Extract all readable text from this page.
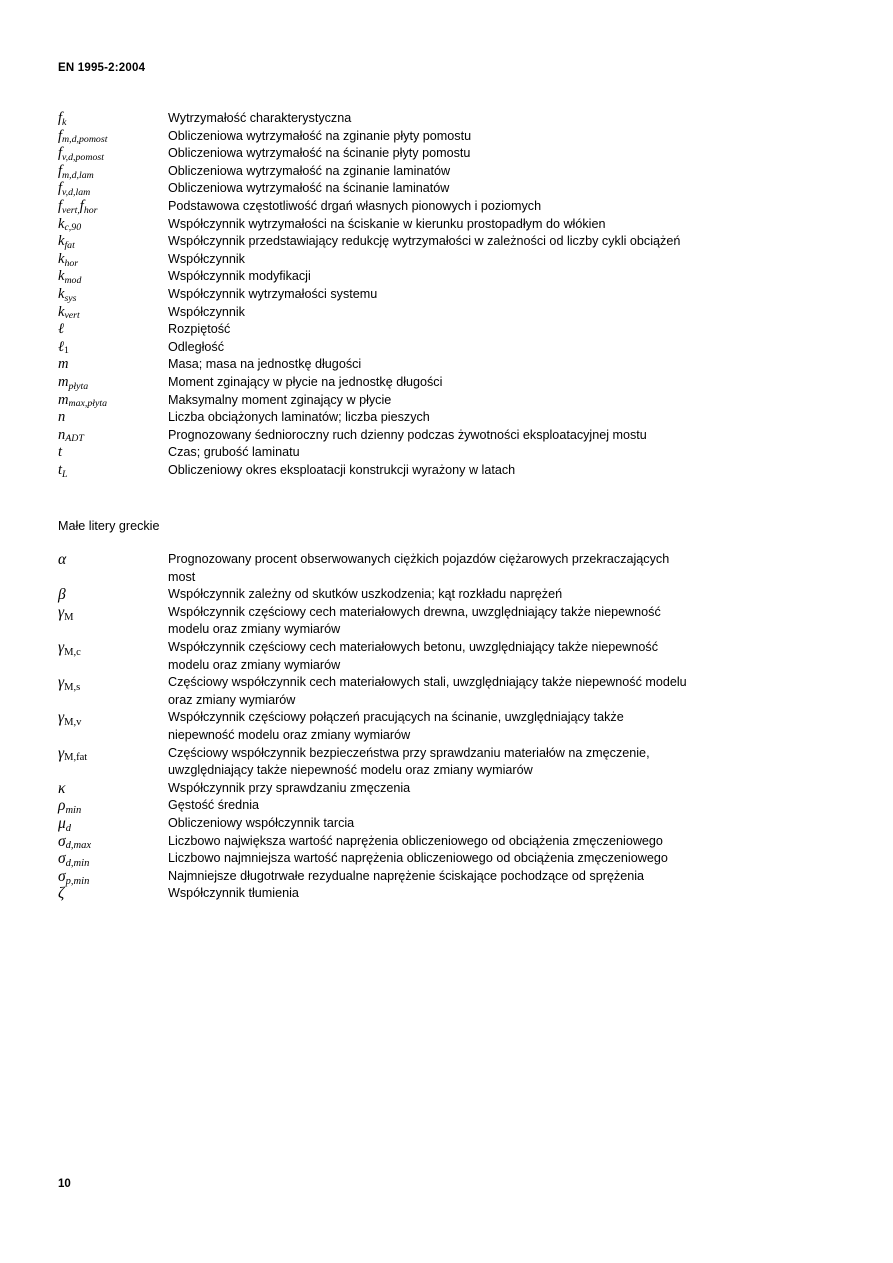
EN 1995-2:2004
$f_k$	Wytrzymałość charakterystyczna

$f_{m,d,pomost}$	Obliczeniowa wytrzymałość na zginanie płyty pomostu

$f_{v,d,pomost}$	Obliczeniowa wytrzymałość na ścinanie płyty pomostu

$f_{m,d,lam}$	Obliczeniowa wytrzymałość na zginanie laminatów

$f_{v,d,lam}$	Obliczeniowa wytrzymałość na ścinanie laminatów

$f_{vert,}f_{hor}$	Podstawowa częstotliwość drgań własnych pionowych i poziomych

$k_{c,90}$	Współczynnik wytrzymałości na ściskanie w kierunku prostopadłym do włókien

$k_{fat}$	Współczynnik przedstawiający redukcję wytrzymałości w zależności od liczby cykli obciążeń

$k_{hor}$	Współczynnik

$k_{mod}$	Współczynnik modyfikacji

$k_{sys}$	Współczynnik wytrzymałości systemu

$k_{vert}$	Współczynnik

ℓ	Rozpiętość

ℓ$_1$	Odległość

m	Masa; masa na jednostkę długości

$m_{płyta}$	Moment zginający w płycie na jednostkę długości

$m_{max,płyta}$	Maksymalny moment zginający w płycie

n	Liczba obciążonych laminatów; liczba pieszych

$n_{ADT}$	Prognozowany śednioroczny ruch dzienny podczas żywotności eksploatacyjnej mostu

t	Czas; grubość laminatu

$t_L$	Obliczeniowy okres eksploatacji konstrukcji wyrażony w latach
Małe litery greckie
α	Prognozowany procent obserwowanych ciężkich pojazdów ciężarowych przekraczających
most

β	Współczynnik zależny od skutków uszkodzenia; kąt rozkładu naprężeń

$\gamma_M$	Współczynnik częściowy cech materiałowych drewna, uwzględniający także niepewność
modelu oraz zmiany wymiarów

$\gamma_{M,c}$	Współczynnik częściowy cech materiałowych betonu, uwzględniający także niepewność
modelu oraz zmiany wymiarów

$\gamma_{M,s}$	Częściowy współczynnik cech materiałowych stali, uwzględniający także niepewność modelu
oraz zmiany wymiarów

$\gamma_{M,v}$	Współczynnik częściowy połączeń pracujących na ścinanie, uwzględniający także
niepewność modelu oraz zmiany wymiarów

$\gamma_{M,fat}$	Częściowy współczynnik bezpieczeństwa przy sprawdzaniu materiałów na zmęczenie,
uwzględniający także niepewność modelu oraz zmiany wymiarów

κ	Współczynnik przy sprawdzaniu zmęczenia

$\rho_{min}$	Gęstość średnia

$\mu_d$	Obliczeniowy współczynnik tarcia

$\sigma_{d,max}$	Liczbowo największa wartość naprężenia obliczeniowego od obciążenia zmęczeniowego

$\sigma_{d,min}$	Liczbowo najmniejsza wartość naprężenia obliczeniowego od obciążenia zmęczeniowego

$\sigma_{p,min}$	Najmniejsze długotrwałe rezydualne naprężenie ściskające pochodzące od sprężenia

ζ	Współczynnik tłumienia
10
